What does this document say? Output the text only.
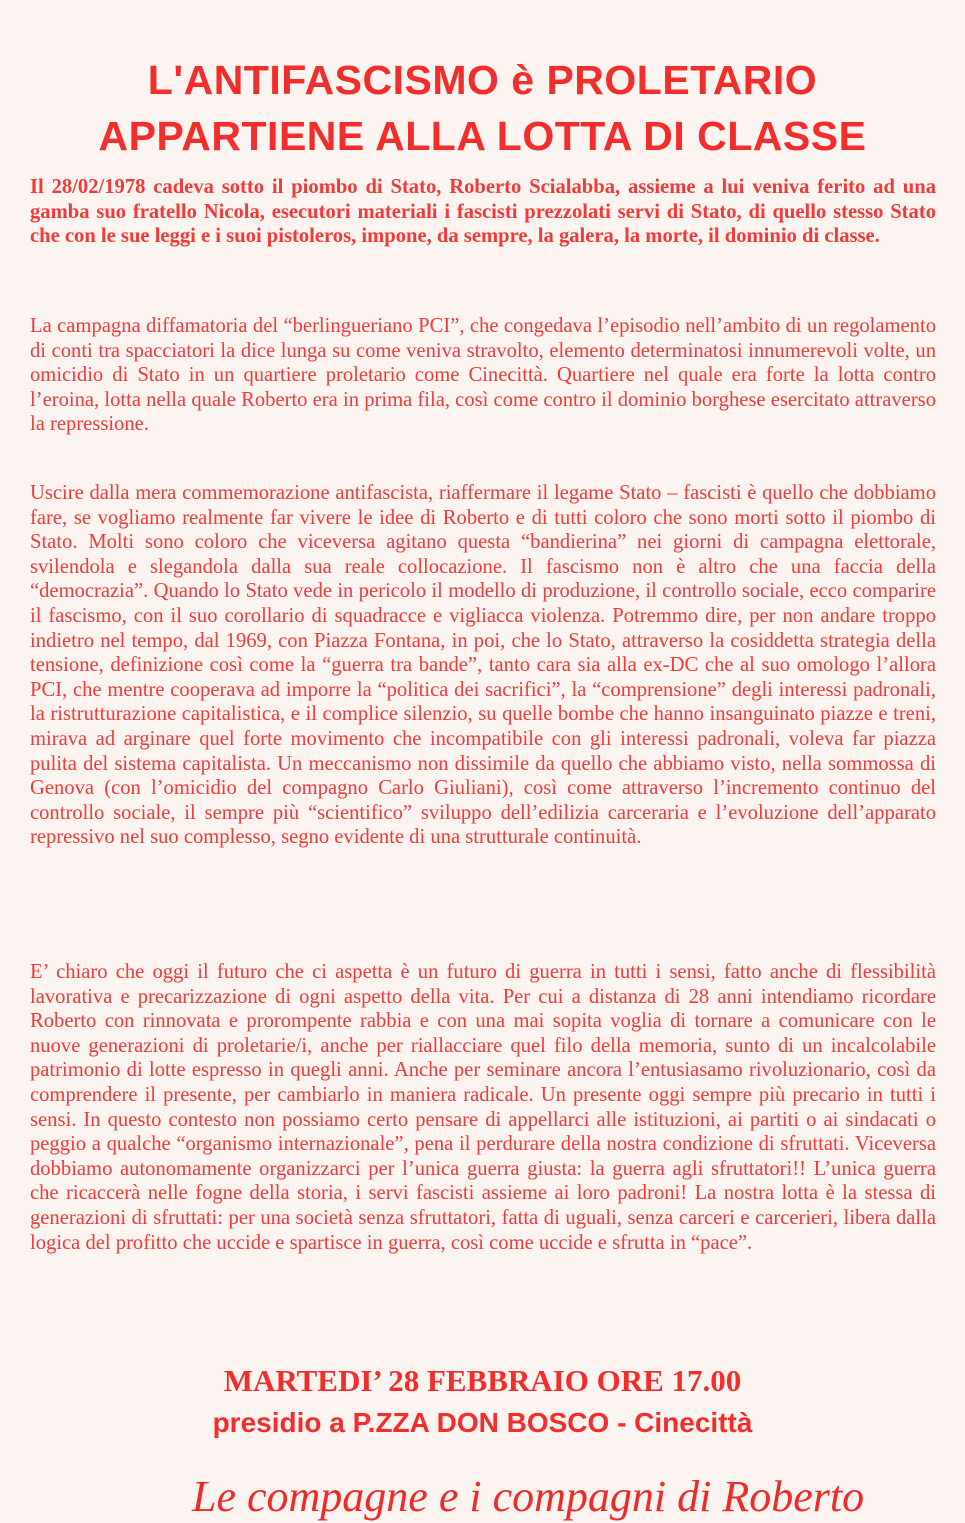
L'ANTIFASCISMO è PROLETARIO
APPARTIENE ALLA LOTTA DI CLASSE
Il 28/02/1978 cadeva sotto il piombo di Stato, Roberto Scialabba, assieme a lui veniva ferito ad una gamba suo fratello Nicola, esecutori materiali i fascisti prezzolati servi di Stato, di quello stesso Stato che con le sue leggi e i suoi pistoleros, impone, da sempre, la galera, la morte, il dominio di classe.
La campagna diffamatoria del “berlingueriano PCI”, che congedava l’episodio nell’ambito di un regolamento di conti tra spacciatori la dice lunga su come veniva stravolto, elemento determinatosi innumerevoli volte, un omicidio di Stato in un quartiere proletario come Cinecittà. Quartiere nel quale era forte la lotta contro l’eroina, lotta nella quale Roberto era in prima fila, così come contro il dominio borghese esercitato attraverso la repressione.
Uscire dalla mera commemorazione antifascista, riaffermare il legame Stato – fascisti è quello che dobbiamo fare, se vogliamo realmente far vivere le idee di Roberto e di tutti coloro che sono morti sotto il piombo di Stato. Molti sono coloro che viceversa agitano questa “bandierina” nei giorni di campagna elettorale, svilendola e slegandola dalla sua reale collocazione. Il fascismo non è altro che una faccia della “democrazia”. Quando lo Stato vede in pericolo il modello di produzione, il controllo sociale, ecco comparire il fascismo, con il suo corollario di squadracce e vigliacca violenza. Potremmo dire, per non andare troppo indietro nel tempo, dal 1969, con Piazza Fontana, in poi, che lo Stato, attraverso la cosiddetta strategia della tensione, definizione così come la “guerra tra bande”, tanto cara sia alla ex-DC che al suo omologo l’allora PCI, che mentre cooperava ad imporre la “politica dei sacrifici”, la “comprensione” degli interessi padronali, la ristrutturazione capitalistica, e il complice silenzio, su quelle bombe che hanno insanguinato piazze e treni, mirava ad arginare quel forte movimento che incompatibile con gli interessi padronali, voleva far piazza pulita del sistema capitalista. Un meccanismo non dissimile da quello che abbiamo visto, nella sommossa di Genova (con l’omicidio del compagno Carlo Giuliani), così come attraverso l’incremento continuo del controllo sociale, il sempre più “scientifico” sviluppo dell’edilizia carceraria e l’evoluzione dell’apparato repressivo nel suo complesso, segno evidente di una strutturale continuità.
E’ chiaro che oggi il futuro che ci aspetta è un futuro di guerra in tutti i sensi, fatto anche di flessibilità lavorativa e precarizzazione di ogni aspetto della vita. Per cui a distanza di 28 anni intendiamo ricordare Roberto con rinnovata e prorompente rabbia e con una mai sopita voglia di tornare a comunicare con le nuove generazioni di proletarie/i, anche per riallacciare quel filo della memoria, sunto di un incalcolabile patrimonio di lotte espresso in quegli anni. Anche per seminare ancora l’entusiasamo rivoluzionario, così da comprendere il presente, per cambiarlo in maniera radicale. Un presente oggi sempre più precario in tutti i sensi. In questo contesto non possiamo certo pensare di appellarci alle istituzioni, ai partiti o ai sindacati o peggio a qualche “organismo internazionale”, pena il perdurare della nostra condizione di sfruttati. Viceversa dobbiamo autonomamente organizzarci per l’unica guerra giusta: la guerra agli sfruttatori!! L’unica guerra che ricaccerà nelle fogne della storia, i servi fascisti assieme ai loro padroni! La nostra lotta è la stessa di generazioni di sfruttati: per una società senza sfruttatori, fatta di uguali, senza carceri e carcerieri, libera dalla logica del profitto che uccide e spartisce in guerra, così come uccide e sfrutta in “pace”.
MARTEDI’ 28 FEBBRAIO ORE 17.00
presidio a P.ZZA DON BOSCO - Cinecittà
Le compagne e i compagni di Roberto
